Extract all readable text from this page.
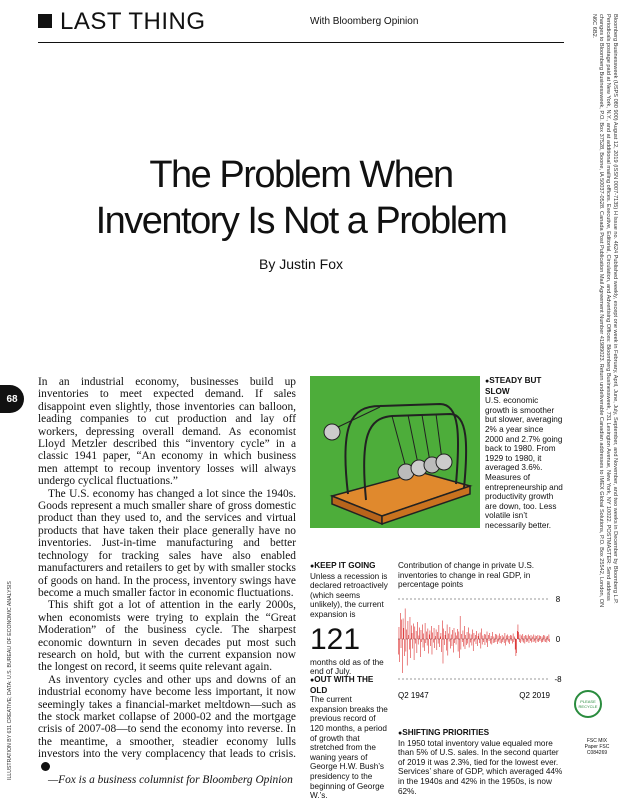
LAST THING	With Bloomberg Opinion
The Problem When
Inventory Is Not a Problem
By Justin Fox
68
ILLUSTRATION BY 631 CREATIVE; DATA: U.S. BUREAU OF ECONOMIC ANALYSIS

In an industrial economy, businesses build up inventories to meet expected demand. If sales disappoint even slightly, those inventories can balloon, leading companies to cut production and lay off workers, depressing overall demand. As economist Lloyd Metzler described this “inventory cycle” in a classic 1941 paper, “An economy in which business men attempt to recoup inventory losses will always undergo cyclical fluctuations.”

The U.S. economy has changed a lot since the 1940s. Goods represent a much smaller share of gross domestic product than they used to, and the services and virtual products that have taken their place generally have no inventories. Just-in-time manufacturing and better technology for tracking sales have also enabled manufacturers and retailers to get by with smaller stocks of goods on hand. In the process, inventory swings have become a much smaller factor in economic fluctuations.

This shift got a lot of attention in the early 2000s, when economists were trying to explain the “Great Moderation” of the business cycle. The sharpest economic downturn in seven decades put most such research on hold, but with the current expansion now the longest on record, it seems quite relevant again.

As inventory cycles and other ups and downs of an industrial economy have become less important, it now seemingly takes a financial-market meltdown—such as the stock market collapse of 2000-02 and the mortgage crisis of 2007-08—to send the economy into reverse. In the meantime, a smoother, steadier economy lulls investors into the very complacency that leads to crisis.

—Fox is a business columnist for Bloomberg Opinion

● STEADY BUT SLOW
U.S. economic growth is smoother but slower, averaging 2% a year since 2000 and 2.7% going back to 1980. From 1929 to 1980, it averaged 3.6%. Measures of entrepreneurship and productivity growth are down, too. Less volatile isn’t necessarily better.
● KEEP IT GOING
Unless a recession is declared retroactively (which seems unlikely), the current expansion is
121
months old as of the end of July.
● OUT WITH THE OLD
The current expansion breaks the previous record of 120 months, a period of growth that stretched from the waning years of George H.W. Bush’s presidency to the beginning of George W.’s.
Contribution of change in private U.S. inventories to change in real GDP, in percentage points
8
0
-8
Q2 1947	Q2 2019
● SHIFTING PRIORITIES
In 1950 total inventory value equaled more than 5% of U.S. sales. In the second quarter of 2019 it was 2.3%, tied for the lowest ever. Services’ share of GDP, which averaged 44% in the 1940s and 42% in the 1950s, is now 62%.
Bloomberg Businessweek (USPS 080 900) August 12, 2019 (ISSN 0007-7135) H Issue no. 4624 Published weekly, except one week in February, April, June, July, September, and November, and two weeks in December by Bloomberg L.P. Periodicals postage paid at New York, N.Y., and at additional mailing offices. Executive, Editorial, Circulation, and Advertising Offices: Bloomberg Businessweek, 731 Lexington Avenue, New York, NY 10022. POSTMASTER: Send address changes to Bloomberg Businessweek, P.O. Box 37528, Boone, IA 50037-0528. Canada Post Publication Mail Agreement Number 41989023. Return undeliverable Canadian addresses to IMEX Global Solutions, P.O. Box 25542, London, ON N6C 6B2.
PLEASE RECYCLE
FSC MIX Paper FSC C084269
